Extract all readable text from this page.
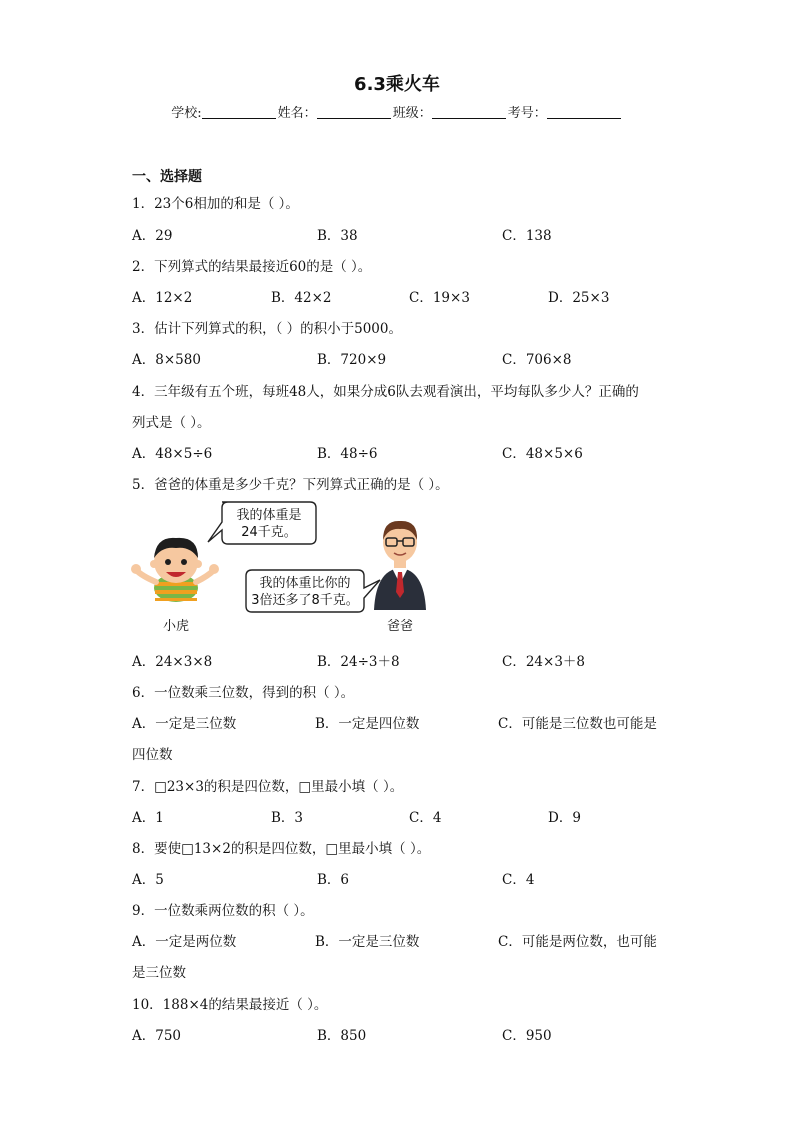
6.3乘火车
学校:	姓名：	班级：	考号：
一、选择题
1．23个6相加的和是（ ）。
A．29	B．38	C．138
2．下列算式的结果最接近60的是（ ）。
A．12×2	B．42×2	C．19×3	D．25×3
3．估计下列算式的积，（ ）的积小于5000。
A．8×580	B．720×9	C．706×8
4．三年级有五个班，每班48人，如果分成6队去观看演出，平均每队多少人？正确的
列式是（ ）。
A．48×5÷6	B．48÷6	C．48×5×6
5．爸爸的体重是多少千克？下列算式正确的是（ ）。
小虎
我的体重是
24千克。
我的体重比你的
3倍还多了8千克。
爸爸
A．24×3×8	B．24÷3＋8	C．24×3＋8
6．一位数乘三位数，得到的积（ ）。
A．一定是三位数	B．一定是四位数	C．可能是三位数也可能是
四位数
7．□23×3的积是四位数，□里最小填（ ）。
A．1	B．3	C．4	D．9
8．要使□13×2的积是四位数，□里最小填（ ）。
A．5	B．6	C．4
9．一位数乘两位数的积（ ）。
A．一定是两位数	B．一定是三位数	C．可能是两位数，也可能
是三位数
10．188×4的结果最接近（ ）。
A．750	B．850	C．950
